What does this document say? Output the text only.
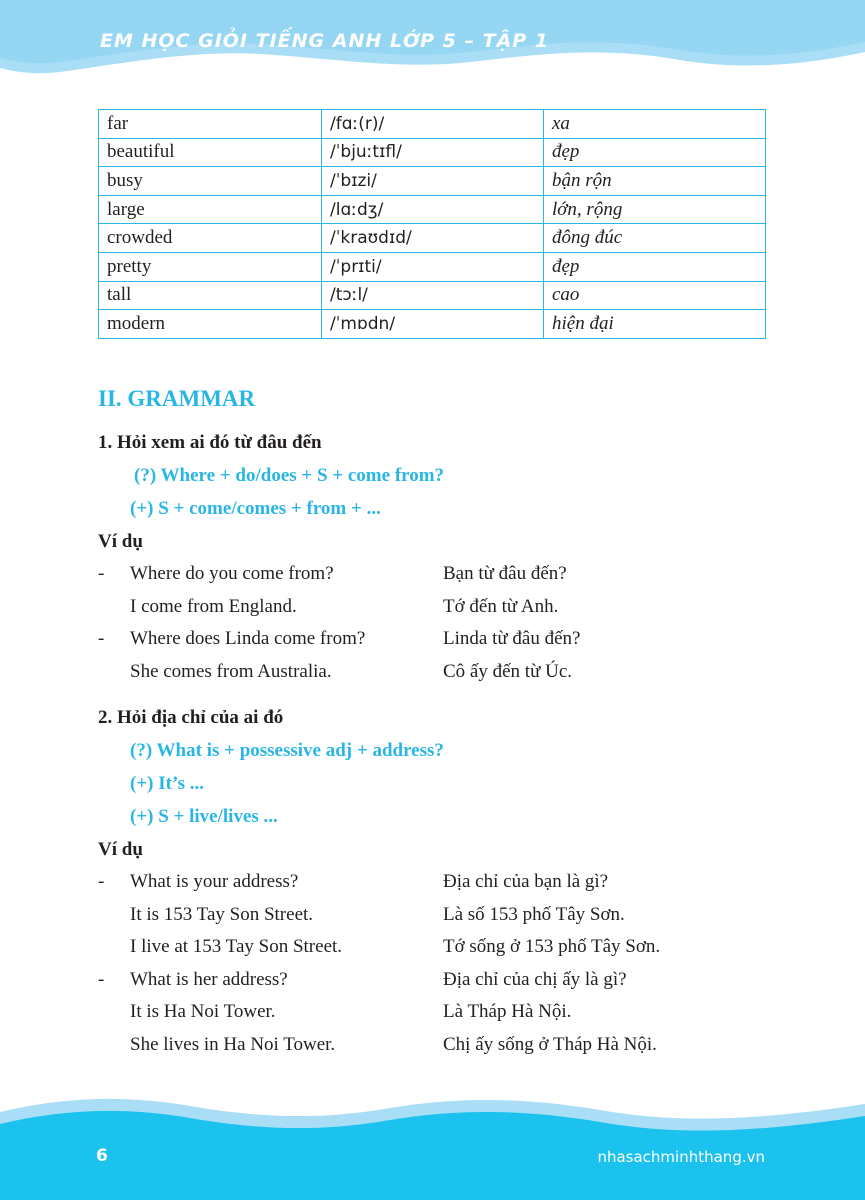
EM HỌC GIỎI TIẾNG ANH LỚP 5 – TẬP 1
far	/fɑː(r)/	xa
beautiful	/ˈbjuːtɪfl/	đẹp
busy	/ˈbɪzi/	bận rộn
large	/lɑːdʒ/	lớn, rộng
crowded	/ˈkraʊdɪd/	đông đúc
pretty	/ˈprɪti/	đẹp
tall	/tɔːl/	cao
modern	/ˈmɒdn/	hiện đại
II. GRAMMAR

1. Hỏi xem ai đó từ đâu đến

(?) Where + do/does + S + come from?

(+) S + come/comes + from + ...

Ví dụ

-	Where do you come from?	Bạn từ đâu đến?
I come from England.	Tớ đến từ Anh.
-	Where does Linda come from?	Linda từ đâu đến?
She comes from Australia.	Cô ấy đến từ Úc.

2. Hỏi địa chỉ của ai đó

(?) What is + possessive adj + address?

(+) It’s ...

(+) S + live/lives ...

Ví dụ

-	What is your address?	Địa chỉ của bạn là gì?
It is 153 Tay Son Street.	Là số 153 phố Tây Sơn.
I live at 153 Tay Son Street.	Tớ sống ở 153 phố Tây Sơn.
-	What is her address?	Địa chỉ của chị ấy là gì?
It is Ha Noi Tower.	Là Tháp Hà Nội.
She lives in Ha Noi Tower.	Chị ấy sống ở Tháp Hà Nội.
6	nhasachminhthang.vn
